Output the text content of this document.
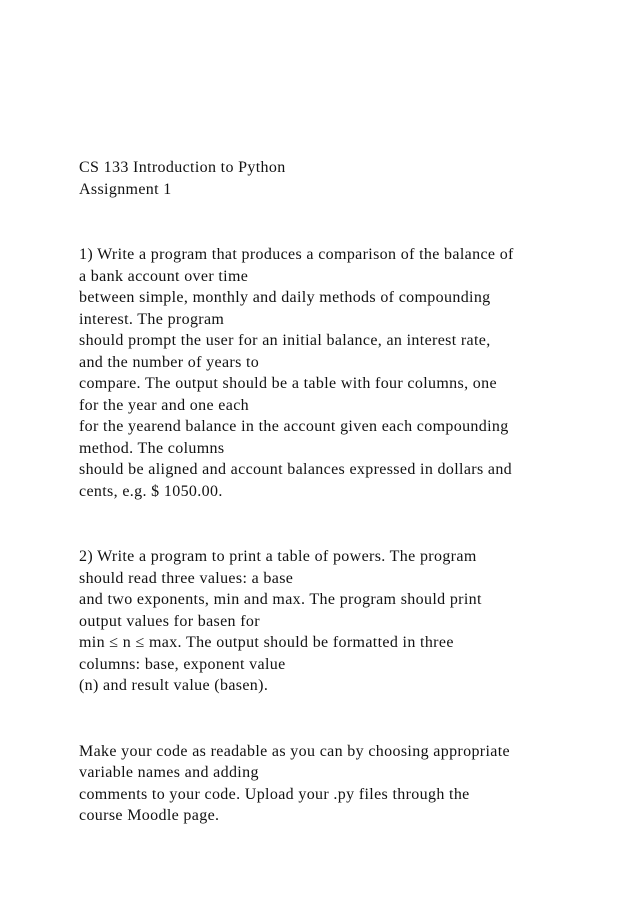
CS 133 Introduction to Python
Assignment 1
1) Write a program that produces a comparison of the balance of
a bank account over time
between simple, monthly and daily methods of compounding
interest. The program
should prompt the user for an initial balance, an interest rate,
and the number of years to
compare. The output should be a table with four columns, one
for the year and one each
for the yearend balance in the account given each compounding
method. The columns
should be aligned and account balances expressed in dollars and
cents, e.g. $ 1050.00.
2) Write a program to print a table of powers. The program
should read three values: a base
and two exponents, min and max. The program should print
output values for basen for
min ≤ n ≤ max. The output should be formatted in three
columns: base, exponent value
(n) and result value (basen).
Make your code as readable as you can by choosing appropriate
variable names and adding
comments to your code. Upload your .py files through the
course Moodle page.
